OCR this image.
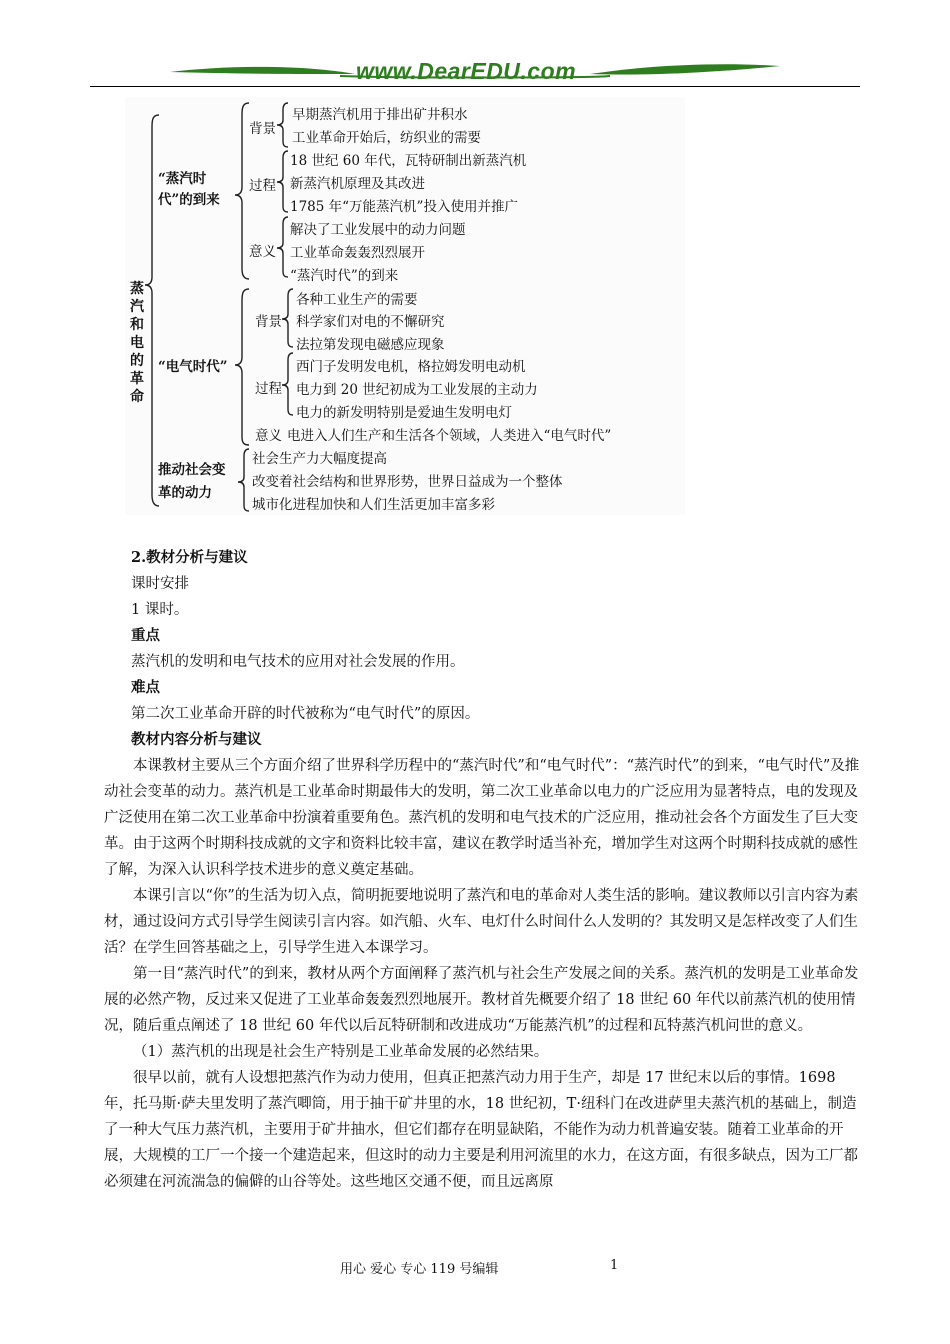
www.DearEDU.com
蒸汽和电的革命
“蒸汽时代”的到来
背景
早期蒸汽机用于排出矿井积水
工业革命开始后，纺织业的需要
过程
18 世纪 60 年代，瓦特研制出新蒸汽机
新蒸汽机原理及其改进
1785 年“万能蒸汽机”投入使用并推广
意义
解决了工业发展中的动力问题
工业革命轰轰烈烈展开
“蒸汽时代”的到来
“电气时代”
背景
各种工业生产的需要
科学家们对电的不懈研究
法拉第发现电磁感应现象
过程
西门子发明发电机，格拉姆发明电动机
电力到 20 世纪初成为工业发展的主动力
电力的新发明特别是爱迪生发明电灯
意义 电进入人们生产和生活各个领域，人类进入“电气时代”
推动社会变
革的动力
社会生产力大幅度提高
改变着社会结构和世界形势，世界日益成为一个整体
城市化进程加快和人们生活更加丰富多彩

2.教材分析与建议

课时安排

1 课时。

重点

蒸汽机的发明和电气技术的应用对社会发展的作用。

难点

第二次工业革命开辟的时代被称为“电气时代”的原因。

教材内容分析与建议

本课教材主要从三个方面介绍了世界科学历程中的“蒸汽时代”和“电气时代”：“蒸汽时代”的到来，“电气时代”及推动社会变革的动力。蒸汽机是工业革命时期最伟大的发明，第二次工业革命以电力的广泛应用为显著特点，电的发现及广泛使用在第二次工业革命中扮演着重要角色。蒸汽机的发明和电气技术的广泛应用，推动社会各个方面发生了巨大变革。由于这两个时期科技成就的文字和资料比较丰富，建议在教学时适当补充，增加学生对这两个时期科技成就的感性了解，为深入认识科学技术进步的意义奠定基础。

本课引言以“你”的生活为切入点，简明扼要地说明了蒸汽和电的革命对人类生活的影响。建议教师以引言内容为素材，通过设问方式引导学生阅读引言内容。如汽船、火车、电灯什么时间什么人发明的？其发明又是怎样改变了人们生活？在学生回答基础之上，引导学生进入本课学习。

第一目“蒸汽时代”的到来，教材从两个方面阐释了蒸汽机与社会生产发展之间的关系。蒸汽机的发明是工业革命发展的必然产物，反过来又促进了工业革命轰轰烈烈地展开。教材首先概要介绍了 18 世纪 60 年代以前蒸汽机的使用情况，随后重点阐述了 18 世纪 60 年代以后瓦特研制和改进成功“万能蒸汽机”的过程和瓦特蒸汽机问世的意义。

（1）蒸汽机的出现是社会生产特别是工业革命发展的必然结果。

很早以前，就有人设想把蒸汽作为动力使用，但真正把蒸汽动力用于生产，却是 17 世纪末以后的事情。1698 年，托马斯·萨夫里发明了蒸汽唧筒，用于抽干矿井里的水，18 世纪初，T·纽科门在改进萨里夫蒸汽机的基础上，制造了一种大气压力蒸汽机，主要用于矿井抽水，但它们都存在明显缺陷，不能作为动力机普遍安装。随着工业革命的开展，大规模的工厂一个接一个建造起来，但这时的动力主要是利用河流里的水力，在这方面，有很多缺点，因为工厂都必须建在河流湍急的偏僻的山谷等处。这些地区交通不便，而且远离原

用心 爱心 专心 119 号编辑	1
